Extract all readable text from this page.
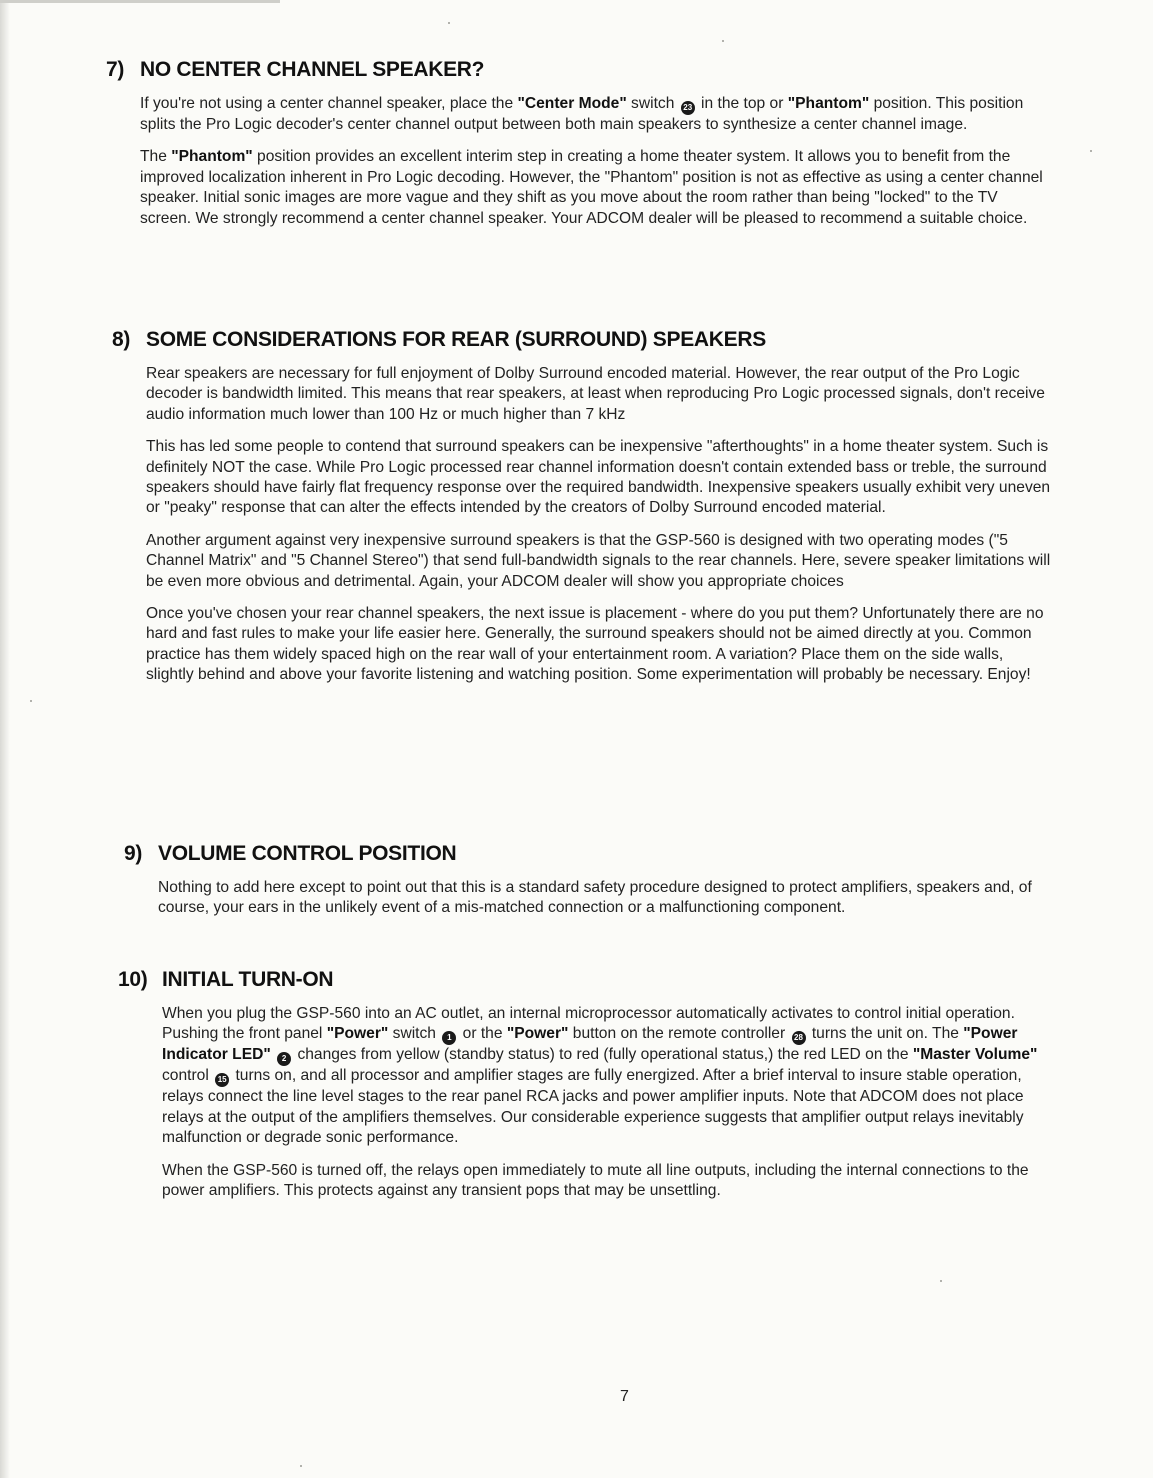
7) NO CENTER CHANNEL SPEAKER?

If you're not using a center channel speaker, place the "Center Mode" switch 23 in the top or "Phantom" position. This position splits the Pro Logic decoder's center channel output between both main speakers to synthesize a center channel image.

The "Phantom" position provides an excellent interim step in creating a home theater system. It allows you to benefit from the improved localization inherent in Pro Logic decoding. However, the "Phantom" position is not as effective as using a center channel speaker. Initial sonic images are more vague and they shift as you move about the room rather than being "locked" to the TV screen. We strongly recommend a center channel speaker. Your ADCOM dealer will be pleased to recommend a suitable choice.

8) SOME CONSIDERATIONS FOR REAR (SURROUND) SPEAKERS

Rear speakers are necessary for full enjoyment of Dolby Surround encoded material. However, the rear output of the Pro Logic decoder is bandwidth limited. This means that rear speakers, at least when reproducing Pro Logic processed signals, don't receive audio information much lower than 100 Hz or much higher than 7 kHz

This has led some people to contend that surround speakers can be inexpensive "afterthoughts" in a home theater system. Such is definitely NOT the case. While Pro Logic processed rear channel information doesn't contain extended bass or treble, the surround speakers should have fairly flat frequency response over the required bandwidth. Inexpensive speakers usually exhibit very uneven or "peaky" response that can alter the effects intended by the creators of Dolby Surround encoded material.

Another argument against very inexpensive surround speakers is that the GSP-560 is designed with two operating modes ("5 Channel Matrix" and "5 Channel Stereo") that send full-bandwidth signals to the rear channels. Here, severe speaker limitations will be even more obvious and detrimental. Again, your ADCOM dealer will show you appropriate choices

Once you've chosen your rear channel speakers, the next issue is placement - where do you put them? Unfortunately there are no hard and fast rules to make your life easier here. Generally, the surround speakers should not be aimed directly at you. Common practice has them widely spaced high on the rear wall of your entertainment room. A variation? Place them on the side walls, slightly behind and above your favorite listening and watching position. Some experimentation will probably be necessary. Enjoy!

9) VOLUME CONTROL POSITION

Nothing to add here except to point out that this is a standard safety procedure designed to protect amplifiers, speakers and, of course, your ears in the unlikely event of a mis-matched connection or a malfunctioning component.

10) INITIAL TURN-ON

When you plug the GSP-560 into an AC outlet, an internal microprocessor automatically activates to control initial operation. Pushing the front panel "Power" switch 1 or the "Power" button on the remote controller 28 turns the unit on. The "Power Indicator LED" 2 changes from yellow (standby status) to red (fully operational status,) the red LED on the "Master Volume" control 15 turns on, and all processor and amplifier stages are fully energized. After a brief interval to insure stable operation, relays connect the line level stages to the rear panel RCA jacks and power amplifier inputs. Note that ADCOM does not place relays at the output of the amplifiers themselves. Our considerable experience suggests that amplifier output relays inevitably malfunction or degrade sonic performance.

When the GSP-560 is turned off, the relays open immediately to mute all line outputs, including the internal connections to the power amplifiers. This protects against any transient pops that may be unsettling.

7
